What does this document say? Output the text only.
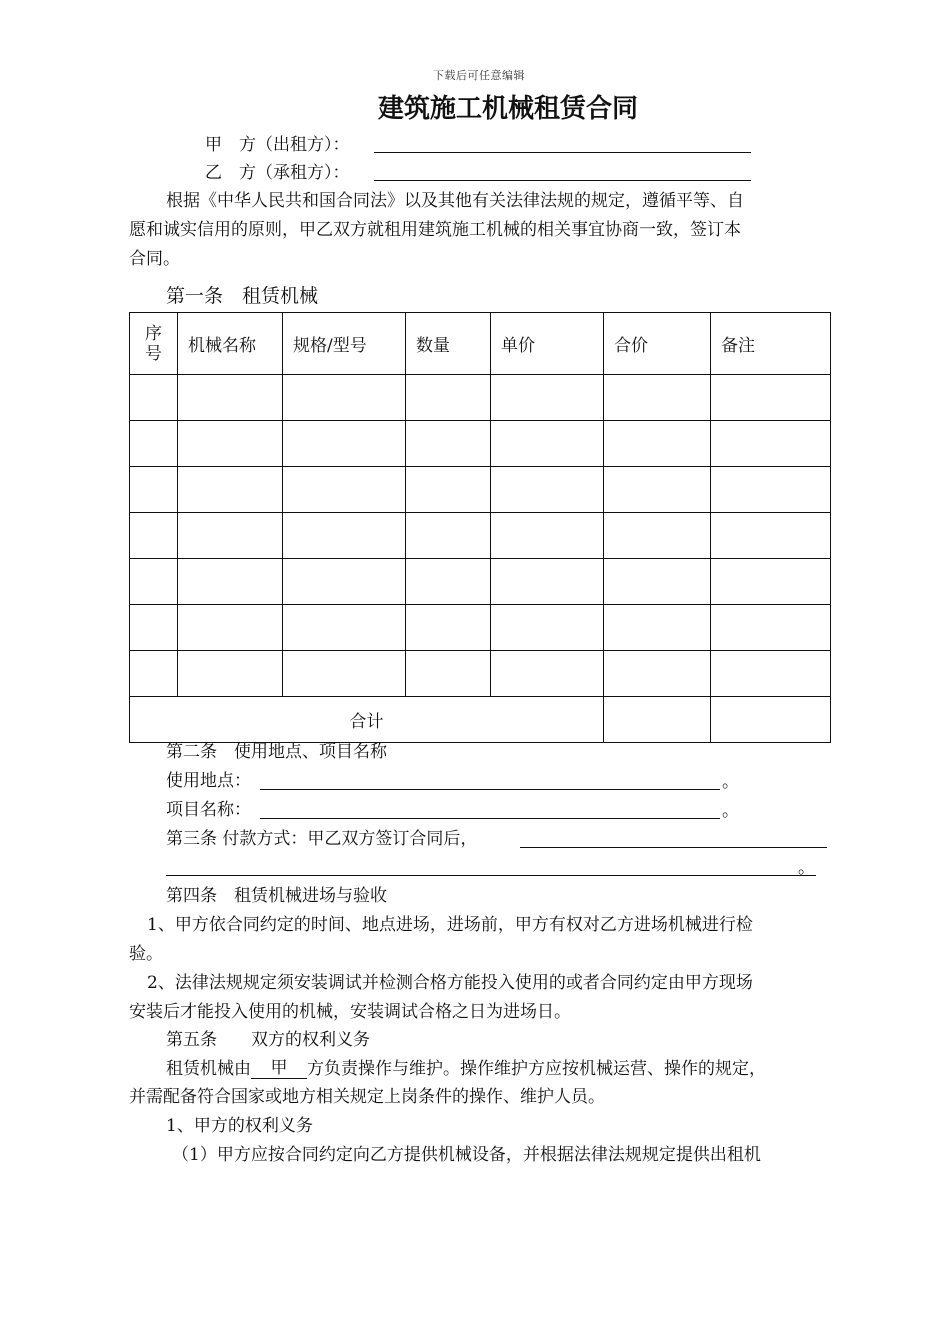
下载后可任意编辑
建筑施工机械租赁合同
甲　方（出租方）：
乙　方（承租方）：
根据《中华人民共和国合同法》以及其他有关法律法规的规定，遵循平等、自
愿和诚实信用的原则，甲乙双方就租用建筑施工机械的相关事宜协商一致，签订本
合同。
第一条　租赁机械
序号	机械名称	规格/型号	数量	单价	合价	备注

合计						
第二条　使用地点、项目名称
使用地点：	。
项目名称：	。
第三条 付款方式：甲乙双方签订合同后，
。
第四条　租赁机械进场与验收
1、甲方依合同约定的时间、地点进场，进场前，甲方有权对乙方进场机械进行检
验。
2、法律法规规定须安装调试并检测合格方能投入使用的或者合同约定由甲方现场
安装后才能投入使用的机械，安装调试合格之日为进场日。
第五条　　双方的权利义务
租赁机械由 甲 方负责操作与维护。操作维护方应按机械运营、操作的规定，
并需配备符合国家或地方相关规定上岗条件的操作、维护人员。
1、甲方的权利义务
（1）甲方应按合同约定向乙方提供机械设备，并根据法律法规规定提供出租机
